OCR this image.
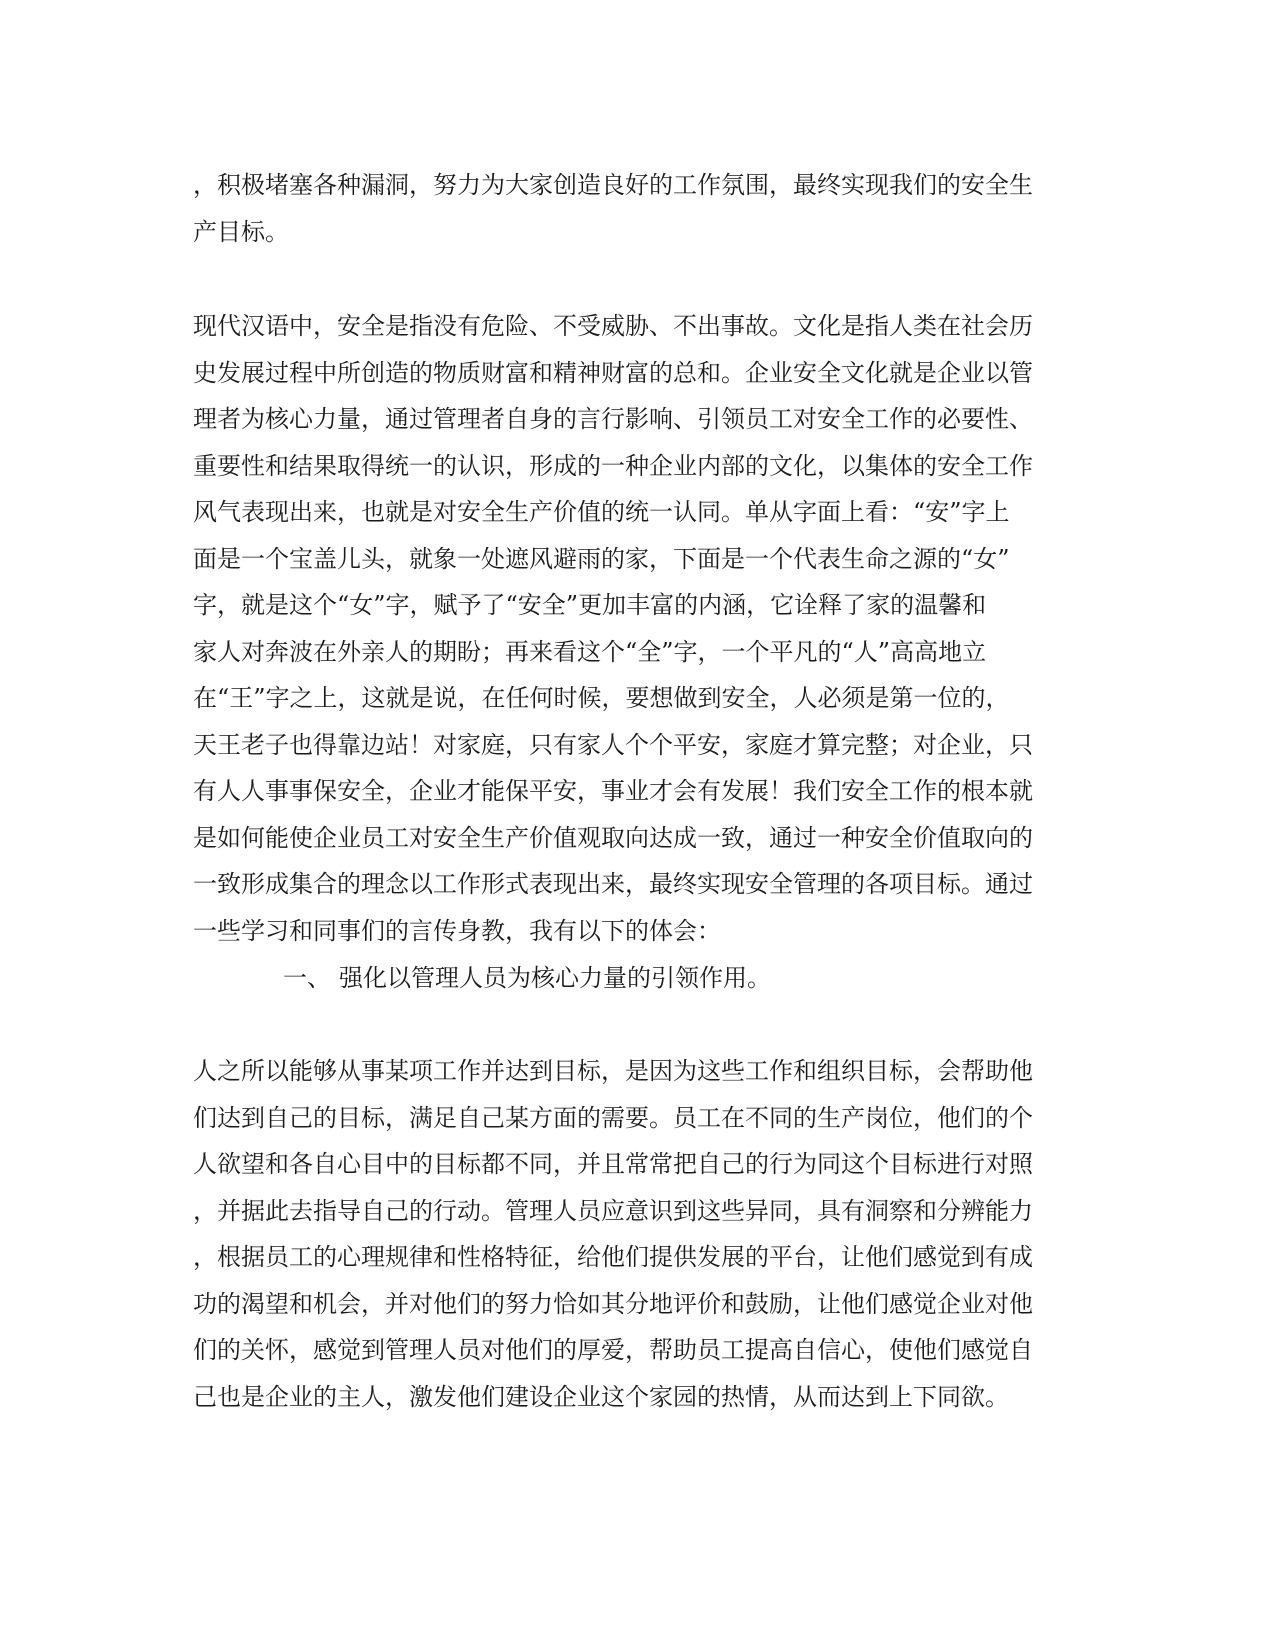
，积极堵塞各种漏洞，努力为大家创造良好的工作氛围，最终实现我们的安全生
产目标。
现代汉语中，安全是指没有危险、不受威胁、不出事故。文化是指人类在社会历
史发展过程中所创造的物质财富和精神财富的总和。企业安全文化就是企业以管
理者为核心力量，通过管理者自身的言行影响、引领员工对安全工作的必要性、
重要性和结果取得统一的认识，形成的一种企业内部的文化，以集体的安全工作
风气表现出来，也就是对安全生产价值的统一认同。单从字面上看：“安”字上
面是一个宝盖儿头，就象一处遮风避雨的家，下面是一个代表生命之源的“女”
字，就是这个“女”字，赋予了“安全”更加丰富的内涵，它诠释了家的温馨和
家人对奔波在外亲人的期盼；再来看这个“全”字，一个平凡的“人”高高地立
在“王”字之上，这就是说，在任何时候，要想做到安全，人必须是第一位的，
天王老子也得靠边站！对家庭，只有家人个个平安，家庭才算完整；对企业，只
有人人事事保安全，企业才能保平安，事业才会有发展！我们安全工作的根本就
是如何能使企业员工对安全生产价值观取向达成一致，通过一种安全价值取向的
一致形成集合的理念以工作形式表现出来，最终实现安全管理的各项目标。通过
一些学习和同事们的言传身教，我有以下的体会：
一、 强化以管理人员为核心力量的引领作用。
人之所以能够从事某项工作并达到目标，是因为这些工作和组织目标，会帮助他
们达到自己的目标，满足自己某方面的需要。员工在不同的生产岗位，他们的个
人欲望和各自心目中的目标都不同，并且常常把自己的行为同这个目标进行对照
，并据此去指导自己的行动。管理人员应意识到这些异同，具有洞察和分辨能力
，根据员工的心理规律和性格特征，给他们提供发展的平台，让他们感觉到有成
功的渴望和机会，并对他们的努力恰如其分地评价和鼓励，让他们感觉企业对他
们的关怀，感觉到管理人员对他们的厚爱，帮助员工提高自信心，使他们感觉自
己也是企业的主人，激发他们建设企业这个家园的热情，从而达到上下同欲。
